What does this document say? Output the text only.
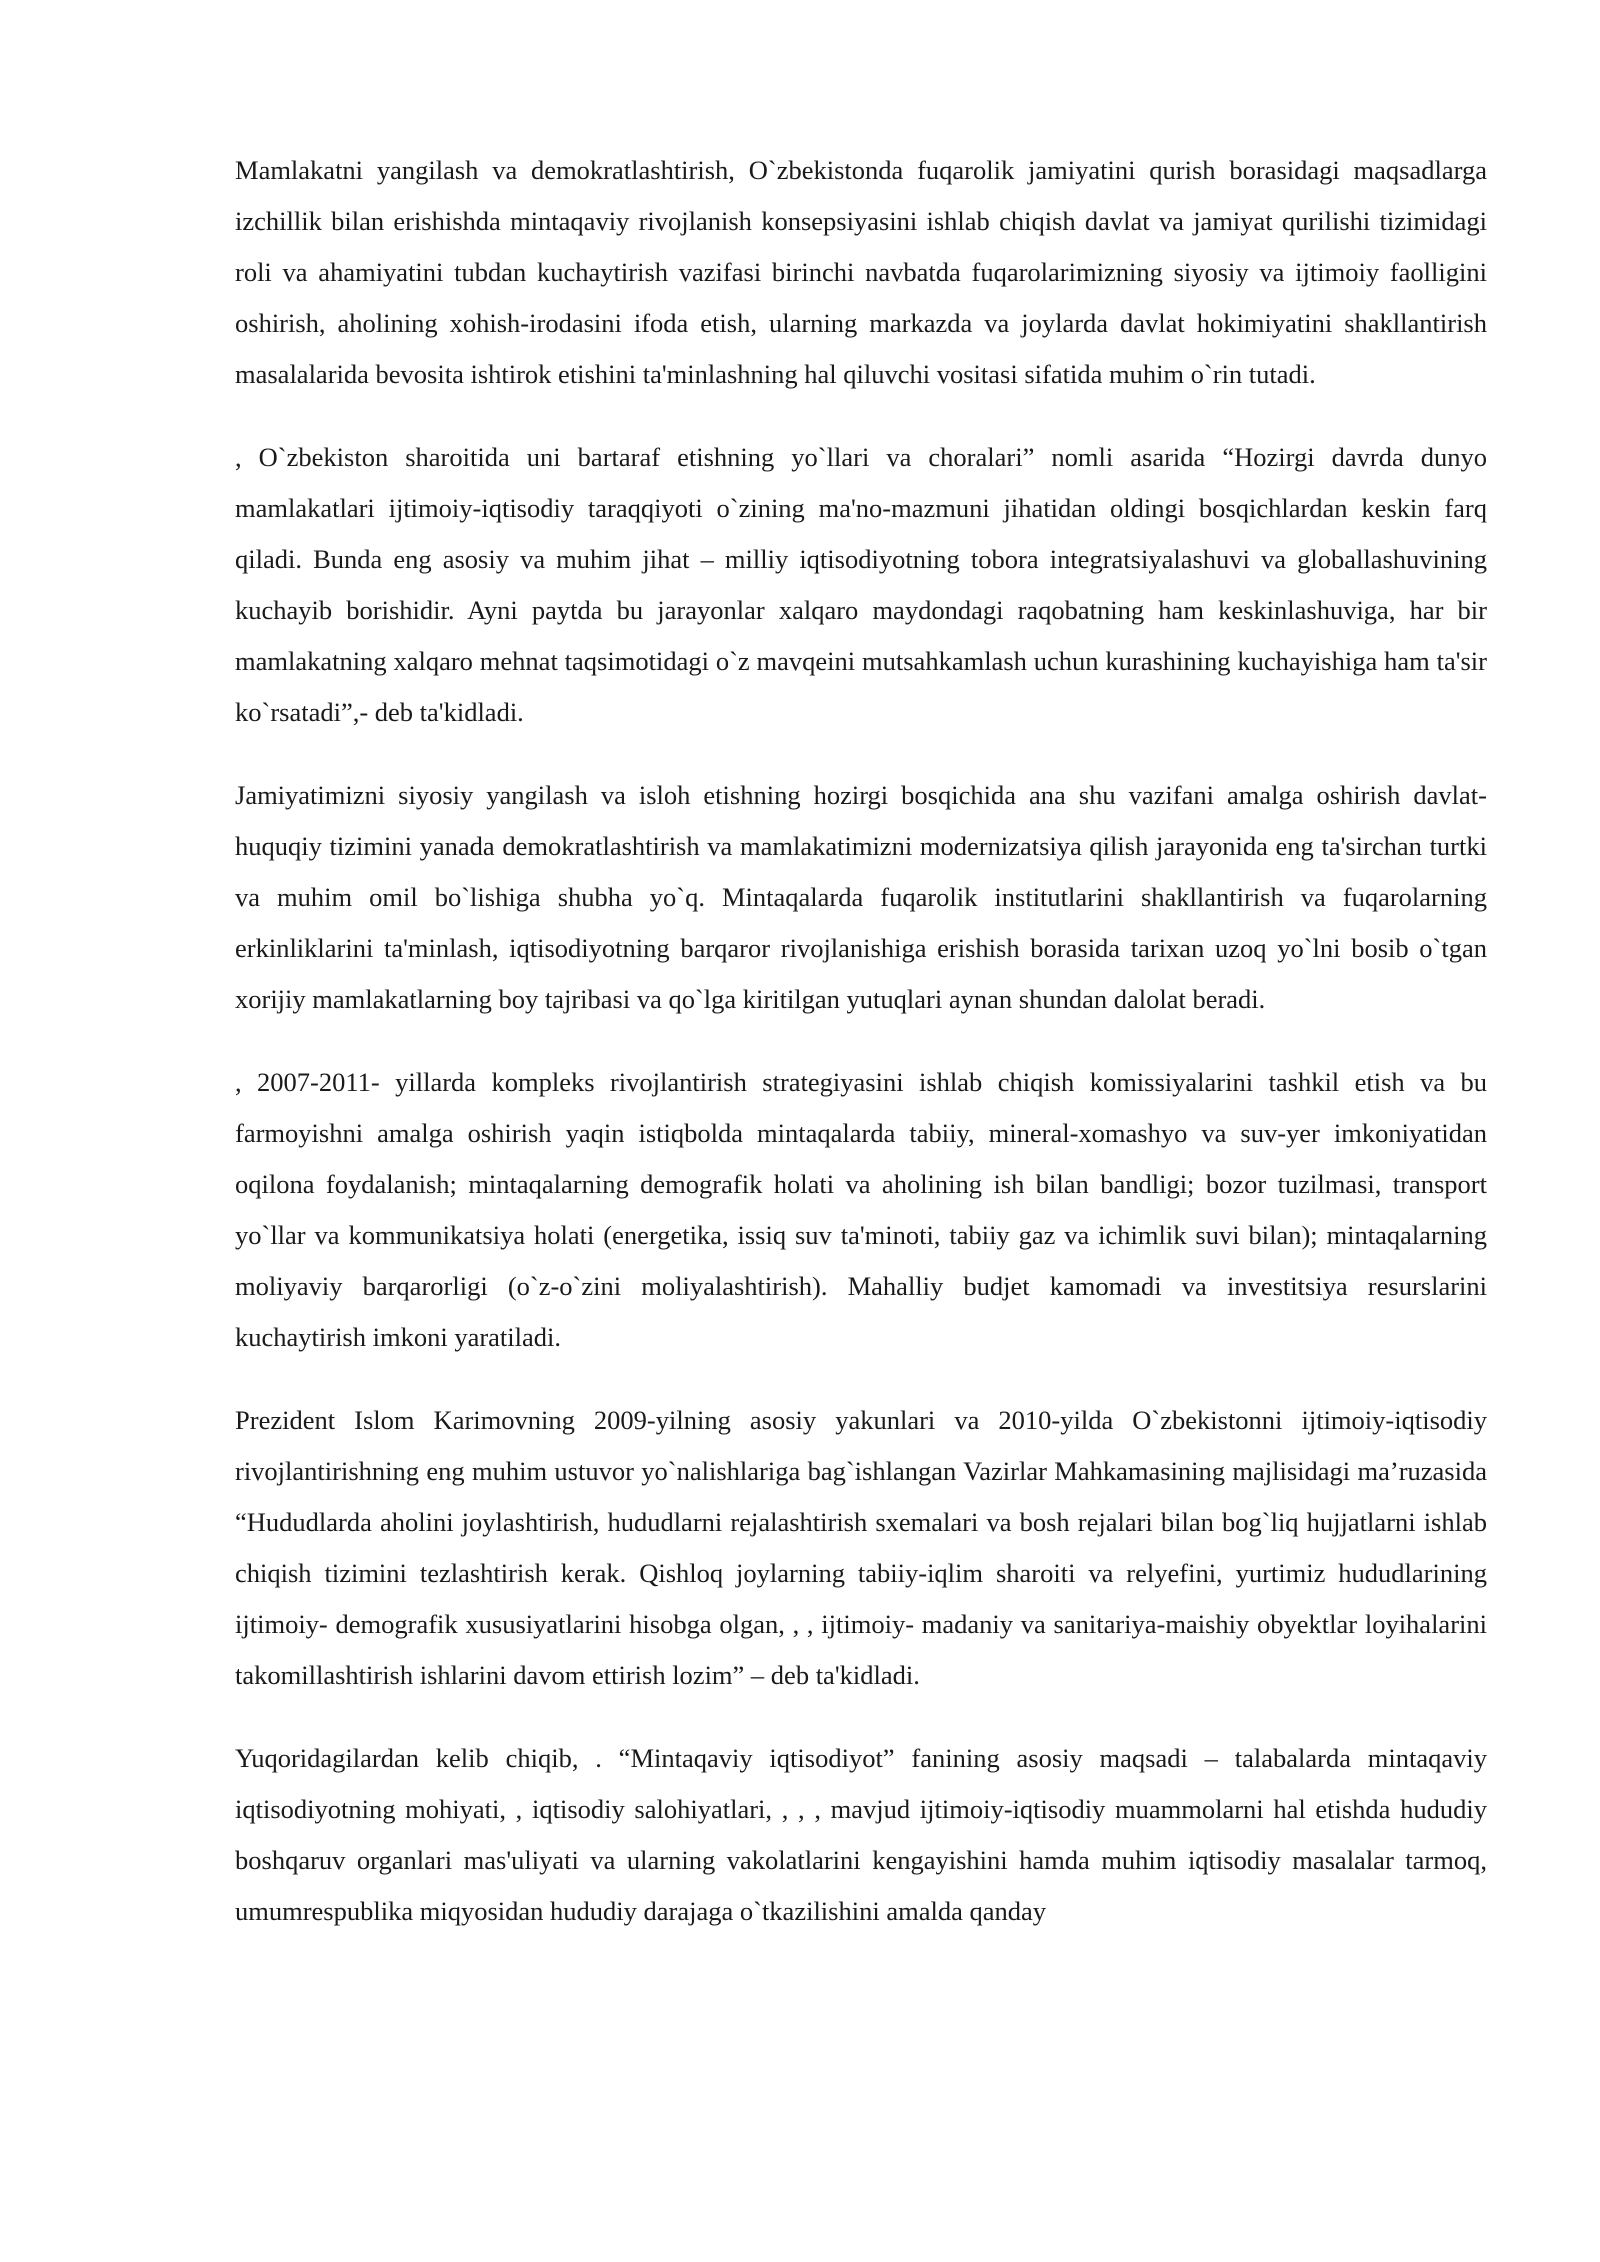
Mamlakatni yangilash va demokratlashtirish, O`zbekistonda fuqarolik jamiyatini qurish borasidagi maqsadlarga izchillik bilan erishishda mintaqaviy rivojlanish konsepsiyasini ishlab chiqish davlat va jamiyat qurilishi tizimidagi roli va ahamiyatini tubdan kuchaytirish vazifasi birinchi navbatda fuqarolarimizning siyosiy va ijtimoiy faolligini oshirish, aholining xohish-irodasini ifoda etish, ularning markazda va joylarda davlat hokimiyatini shakllantirish masalalarida bevosita ishtirok etishini ta'minlashning hal qiluvchi vositasi sifatida muhim o`rin tutadi.

, O`zbekiston sharoitida uni bartaraf etishning yo`llari va choralari” nomli asarida “Hozirgi davrda dunyo mamlakatlari ijtimoiy-iqtisodiy taraqqiyoti o`zining ma'no-mazmuni jihatidan oldingi bosqichlardan keskin farq qiladi. Bunda eng asosiy va muhim jihat – milliy iqtisodiyotning tobora integratsiyalashuvi va globallashuvining kuchayib borishidir. Ayni paytda bu jarayonlar xalqaro maydondagi raqobatning ham keskinlashuviga, har bir mamlakatning xalqaro mehnat taqsimotidagi o`z mavqeini mutsahkamlash uchun kurashining kuchayishiga ham ta'sir ko`rsatadi”,- deb ta'kidladi.

Jamiyatimizni siyosiy yangilash va isloh etishning hozirgi bosqichida ana shu vazifani amalga oshirish davlat-huquqiy tizimini yanada demokratlashtirish va mamlakatimizni modernizatsiya qilish jarayonida eng ta'sirchan turtki va muhim omil bo`lishiga shubha yo`q. Mintaqalarda fuqarolik institutlarini shakllantirish va fuqarolarning erkinliklarini ta'minlash, iqtisodiyotning barqaror rivojlanishiga erishish borasida tarixan uzoq yo`lni bosib o`tgan xorijiy mamlakatlarning boy tajribasi va qo`lga kiritilgan yutuqlari aynan shundan dalolat beradi.

, 2007-2011- yillarda kompleks rivojlantirish strategiyasini ishlab chiqish komissiyalarini tashkil etish va bu farmoyishni amalga oshirish yaqin istiqbolda mintaqalarda tabiiy, mineral-xomashyo va suv-yer imkoniyatidan oqilona foydalanish; mintaqalarning demografik holati va aholining ish bilan bandligi; bozor tuzilmasi, transport yo`llar va kommunikatsiya holati (energetika, issiq suv ta'minoti, tabiiy gaz va ichimlik suvi bilan); mintaqalarning moliyaviy barqarorligi (o`z-o`zini moliyalashtirish). Mahalliy budjet kamomadi va investitsiya resurslarini kuchaytirish imkoni yaratiladi.

Prezident Islom Karimovning 2009-yilning asosiy yakunlari va 2010-yilda O`zbekistonni ijtimoiy-iqtisodiy rivojlantirishning eng muhim ustuvor yo`nalishlariga bag`ishlangan Vazirlar Mahkamasining majlisidagi ma’ruzasida “Hududlarda aholini joylashtirish, hududlarni rejalashtirish sxemalari va bosh rejalari bilan bog`liq hujjatlarni ishlab chiqish tizimini tezlashtirish kerak. Qishloq joylarning tabiiy-iqlim sharoiti va relyefini, yurtimiz hududlarining ijtimoiy- demografik xususiyatlarini hisobga olgan, , , ijtimoiy- madaniy va sanitariya-maishiy obyektlar loyihalarini takomillashtirish ishlarini davom ettirish lozim” – deb ta'kidladi.

Yuqoridagilardan kelib chiqib, . “Mintaqaviy iqtisodiyot” fanining asosiy maqsadi – talabalarda mintaqaviy iqtisodiyotning mohiyati, , iqtisodiy salohiyatlari, , , , mavjud ijtimoiy-iqtisodiy muammolarni hal etishda hududiy boshqaruv organlari mas'uliyati va ularning vakolatlarini kengayishini hamda muhim iqtisodiy masalalar tarmoq, umumrespublika miqyosidan hududiy darajaga o`tkazilishini amalda qanday
